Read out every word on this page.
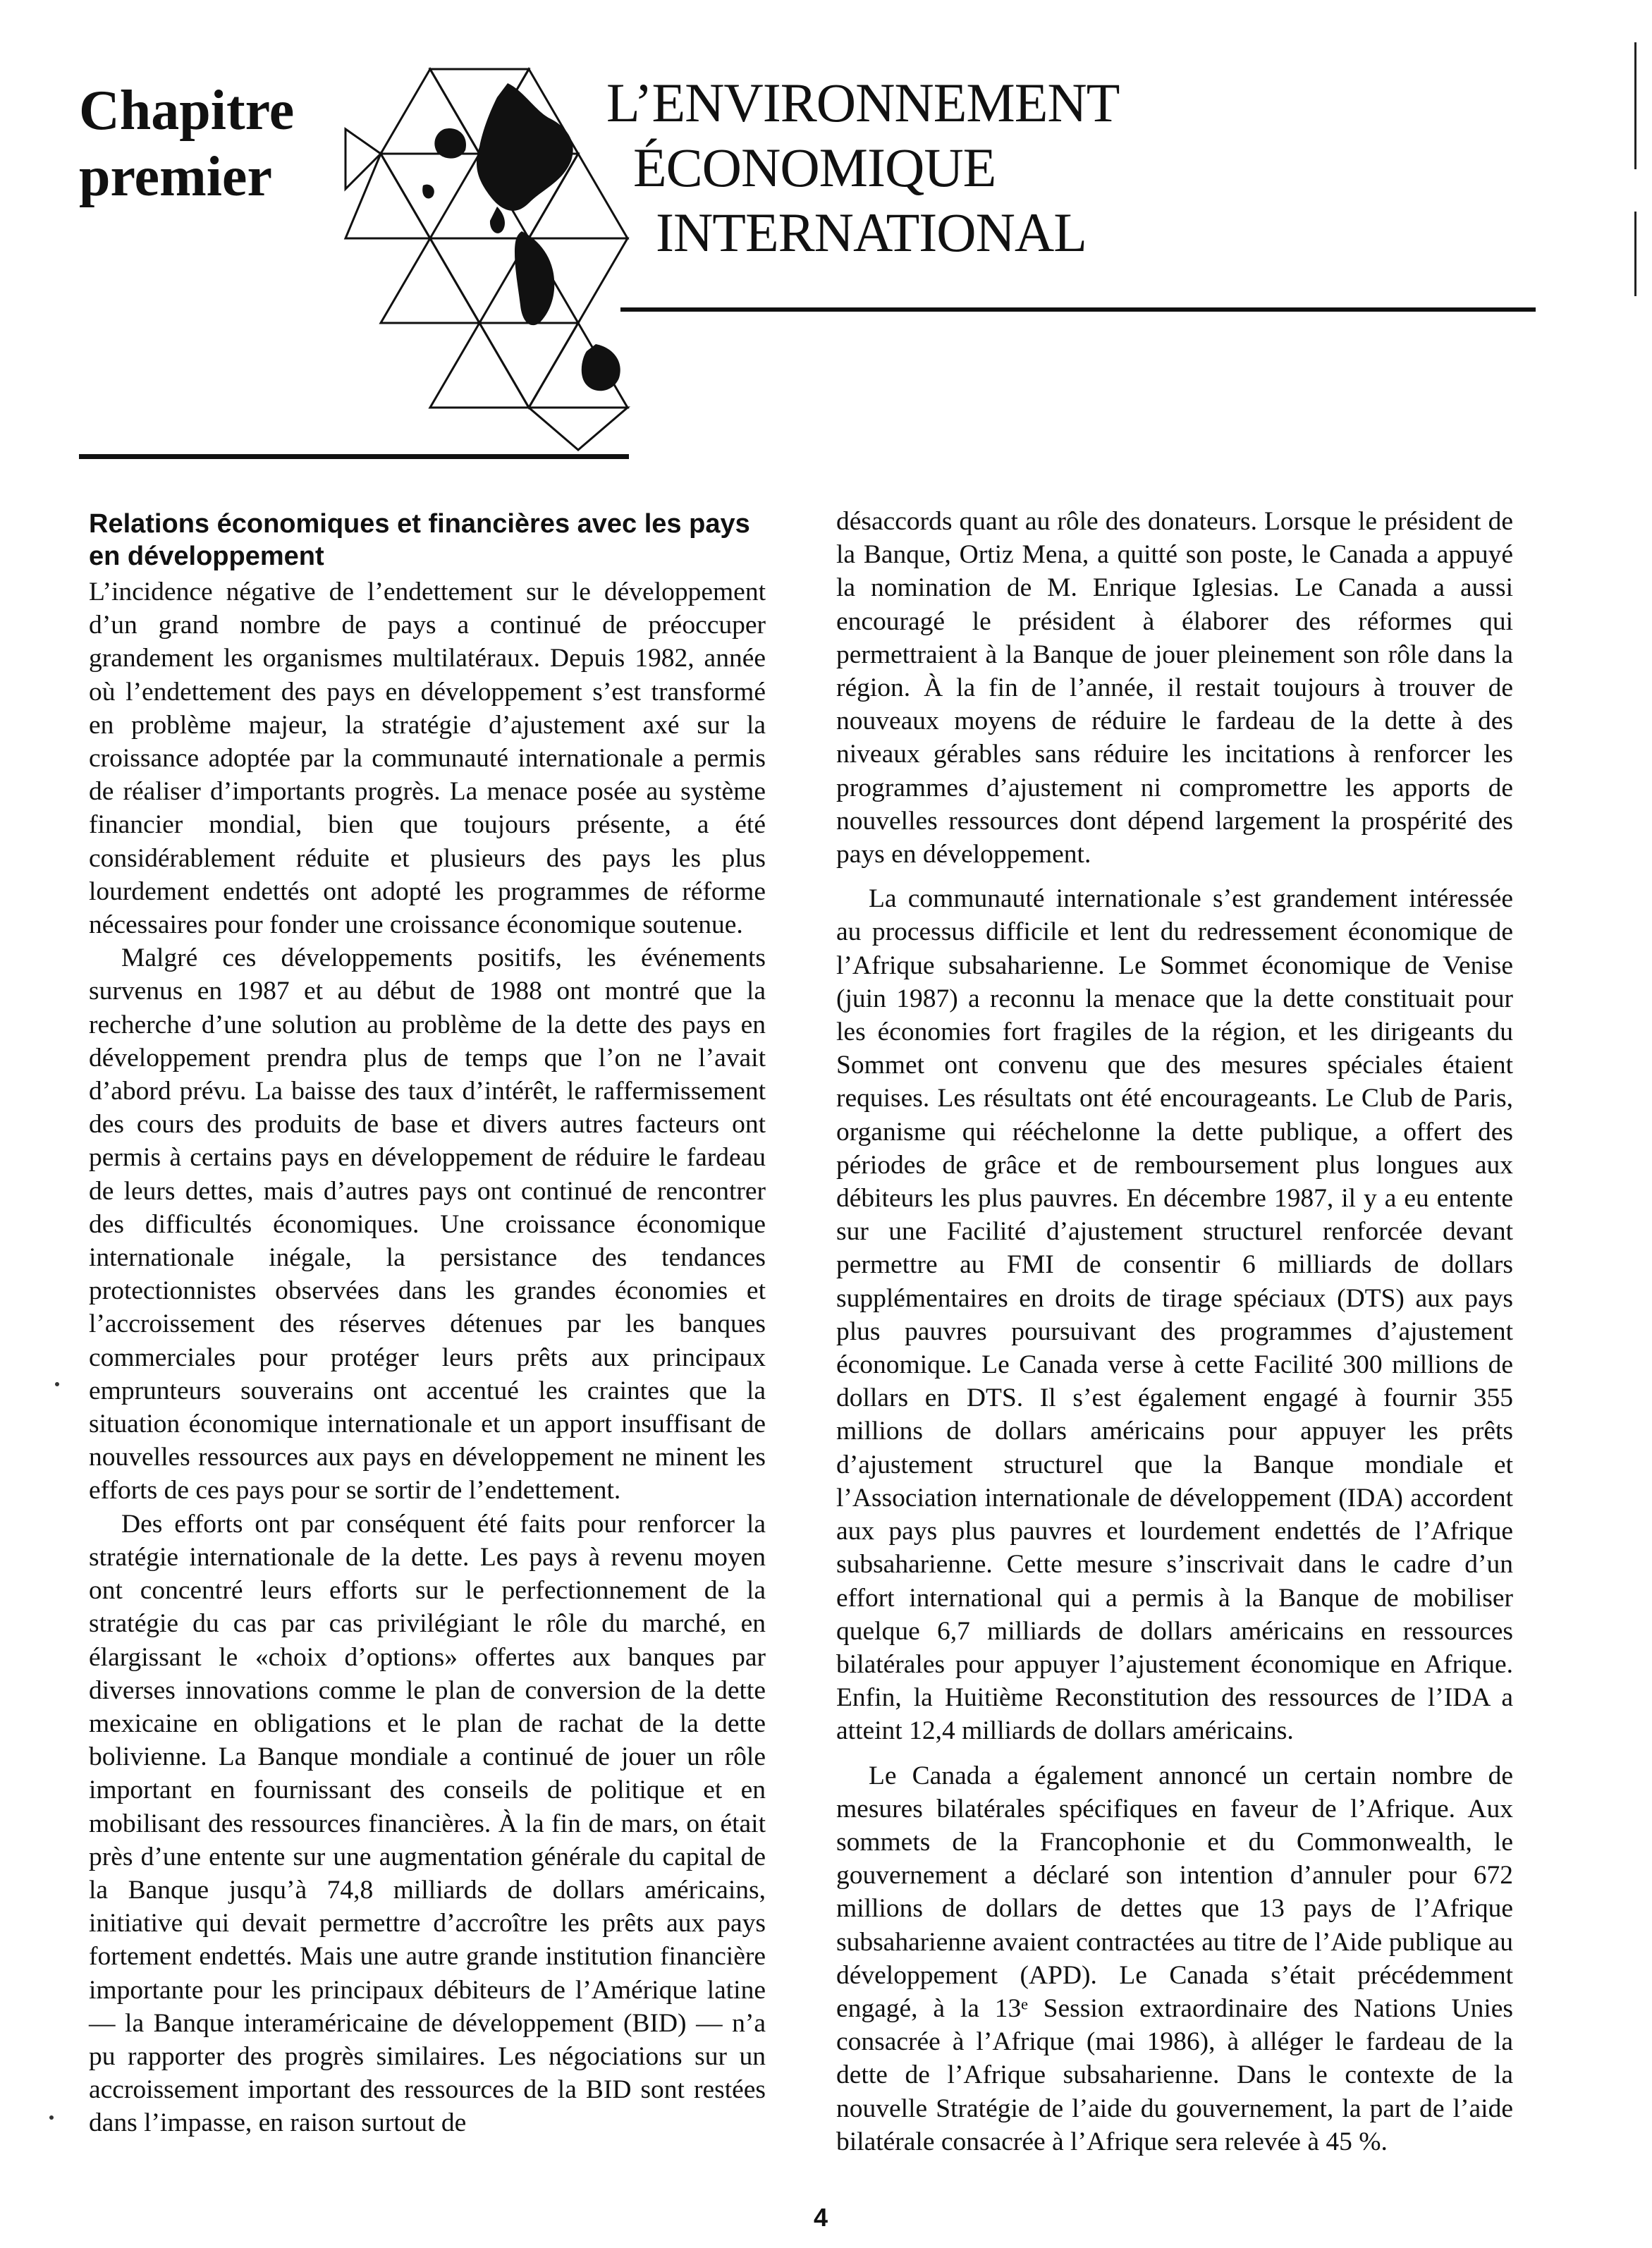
Chapitre
premier
L’ENVIRONNEMENT
ÉCONOMIQUE
INTERNATIONAL
Relations économiques et financières avec les pays en développement

L’incidence négative de l’endettement sur le développement d’un grand nombre de pays a continué de préoccuper grandement les organismes multilatéraux. Depuis 1982, année où l’endettement des pays en développement s’est transformé en problème majeur, la stratégie d’ajustement axé sur la croissance adoptée par la communauté internationale a permis de réaliser d’importants progrès. La menace posée au système financier mondial, bien que toujours présente, a été considérablement réduite et plusieurs des pays les plus lourdement endettés ont adopté les programmes de réforme nécessaires pour fonder une croissance économique soutenue.

Malgré ces développements positifs, les événements survenus en 1987 et au début de 1988 ont montré que la recherche d’une solution au problème de la dette des pays en développement prendra plus de temps que l’on ne l’avait d’abord prévu. La baisse des taux d’intérêt, le raffermissement des cours des produits de base et divers autres facteurs ont permis à certains pays en développement de réduire le fardeau de leurs dettes, mais d’autres pays ont continué de rencontrer des difficultés économiques. Une croissance économique internationale inégale, la persistance des tendances protectionnistes observées dans les grandes économies et l’accroissement des réserves détenues par les banques commerciales pour protéger leurs prêts aux principaux emprunteurs souverains ont accentué les craintes que la situation économique internationale et un apport insuffisant de nouvelles ressources aux pays en développement ne minent les efforts de ces pays pour se sortir de l’endettement.

Des efforts ont par conséquent été faits pour renforcer la stratégie internationale de la dette. Les pays à revenu moyen ont concentré leurs efforts sur le perfectionnement de la stratégie du cas par cas privilégiant le rôle du marché, en élargissant le «choix d’options» offertes aux banques par diverses innovations comme le plan de conversion de la dette mexicaine en obligations et le plan de rachat de la dette bolivienne. La Banque mondiale a continué de jouer un rôle important en fournissant des conseils de politique et en mobilisant des ressources financières. À la fin de mars, on était près d’une entente sur une augmentation générale du capital de la Banque jusqu’à 74,8 milliards de dollars américains, initiative qui devait permettre d’accroître les prêts aux pays fortement endettés. Mais une autre grande institution financière importante pour les principaux débiteurs de l’Amérique latine — la Banque interaméricaine de développement (BID) — n’a pu rapporter des progrès similaires. Les négociations sur un accroissement important des ressources de la BID sont restées dans l’impasse, en raison surtout de

désaccords quant au rôle des donateurs. Lorsque le président de la Banque, Ortiz Mena, a quitté son poste, le Canada a appuyé la nomination de M. Enrique Iglesias. Le Canada a aussi encouragé le président à élaborer des réformes qui permettraient à la Banque de jouer pleinement son rôle dans la région. À la fin de l’année, il restait toujours à trouver de nouveaux moyens de réduire le fardeau de la dette à des niveaux gérables sans réduire les incitations à renforcer les programmes d’ajustement ni compromettre les apports de nouvelles ressources dont dépend largement la prospérité des pays en développement.

La communauté internationale s’est grandement intéressée au processus difficile et lent du redressement économique de l’Afrique subsaharienne. Le Sommet économique de Venise (juin 1987) a reconnu la menace que la dette constituait pour les économies fort fragiles de la région, et les dirigeants du Sommet ont convenu que des mesures spéciales étaient requises. Les résultats ont été encourageants. Le Club de Paris, organisme qui rééchelonne la dette publique, a offert des périodes de grâce et de remboursement plus longues aux débiteurs les plus pauvres. En décembre 1987, il y a eu entente sur une Facilité d’ajustement structurel renforcée devant permettre au FMI de consentir 6 milliards de dollars supplémentaires en droits de tirage spéciaux (DTS) aux pays plus pauvres poursuivant des programmes d’ajustement économique. Le Canada verse à cette Facilité 300 millions de dollars en DTS. Il s’est également engagé à fournir 355 millions de dollars américains pour appuyer les prêts d’ajustement structurel que la Banque mondiale et l’Association internationale de développement (IDA) accordent aux pays plus pauvres et lourdement endettés de l’Afrique subsaharienne. Cette mesure s’inscrivait dans le cadre d’un effort international qui a permis à la Banque de mobiliser quelque 6,7 milliards de dollars américains en ressources bilatérales pour appuyer l’ajustement économique en Afrique. Enfin, la Huitième Reconstitution des ressources de l’IDA a atteint 12,4 milliards de dollars américains.

Le Canada a également annoncé un certain nombre de mesures bilatérales spécifiques en faveur de l’Afrique. Aux sommets de la Francophonie et du Commonwealth, le gouvernement a déclaré son intention d’annuler pour 672 millions de dollars de dettes que 13 pays de l’Afrique subsaharienne avaient contractées au titre de l’Aide publique au développement (APD). Le Canada s’était précédemment engagé, à la 13ᵉ Session extraordinaire des Nations Unies consacrée à l’Afrique (mai 1986), à alléger le fardeau de la dette de l’Afrique subsaharienne. Dans le contexte de la nouvelle Stratégie de l’aide du gouvernement, la part de l’aide bilatérale consacrée à l’Afrique sera relevée à 45 %.

4
